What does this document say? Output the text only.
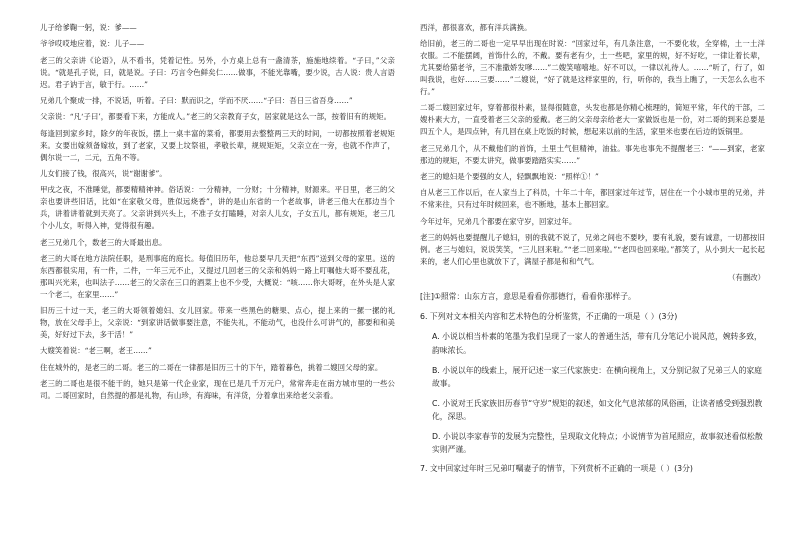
儿子给爹鞠一躬，说：爹——

爷爷哎哎地应着，说：儿子——

老三的父亲讲《论语》，从不看书，凭着记性。另外，小方桌上总有一盏清茶，施施地续着。“子曰，”父亲说。“就是孔子说，曰，就是说。子曰：巧言令色鲜矣仁……做事，不能光靠嘴，要少说，古人说：贵人言语迟。君子讷于言，敏于行。……”

兄弟几个聚成一排，不说话，听着。子曰：默而识之，学而不厌……“子曰：吾日三省吾身……”

父亲说：“凡‘子曰’，都要看下来，方能成人。”老三的父亲教育子女，居家就是这么一部，按着旧有的规矩。

每逢回到家乡时，除夕的年夜饭，摆上一桌丰富的菜肴，都要用去整整两三天的时间，一切都按照着老规矩来。女要出嫁须备嫁妆，到了老家，又要上坟祭祖，孝敬长辈，规规矩矩，父亲立在一旁，也就不作声了，偶尔说一二，二元，五角不等。

儿女们接了钱，很高兴，说“谢谢爹”。

甲戌之夜，不准睡觉，都要精精神神。俗话说：一分精神，一分财；十分精神，财源来。平日里，老三的父亲也要讲些旧话，比如“在家敬父母，胜似远烧香”，讲的是山东省的一个老故事，讲老三他大在那边当个兵，讲着讲着就到天亮了。父亲讲到兴头上，不准子女打瞌睡，对亲人儿女，子女五儿，都有规矩，老三几个小儿女，听得入神，觉得很有趣。

老三兄弟几个，数老三的大哥最出息。

老三的大哥在地方法院任职，是刑事庭的庭长。每值旧历年，他总要早几天把“东西”送到父母的家里。送的东西都很实用，有一件，二件，一年三元不止，又提过几回老三的父亲和妈妈一路上叮嘱他大哥不要乱花，那叫兴光来，也叫法子……老三的父亲在三口的酒菜上也不少受，大概说：“咳……你大哥呀，在外头是人家一个老二，在家里……”

旧历三十过一天，老三的大哥领着媳妇、女儿回家。带来一些黑色的糖果、点心，提上来的一摞一摞的礼物，放在父母手上，父亲说：“到家讲话做事要注意，不能失礼，不能动气，也没什么可讲气的，都要和和美美，好好过下去，多干活！”

大嫂笑着说：“老三啊，老王……”

住在城外的，是老三的二哥。老三的二哥在一律都是旧历三十的下午，踏着暮色，挑着二嫂回父母的家。

老三的二哥也是很不能干的，她只是第一代企业家，现在已是几千万元户，常常奔走在南方城市里的一些公司。二哥回家时，自然提的都是礼物，有山珍，有海味，有洋货，分着拿出来给老父亲看。

西洋，都很喜欢，都有洋兵满换。

给旧前，老三的二哥也一定早早出现在时说：“回家过年，有几条注意，一不要化妆，全穿棉，土一土洋衣服。二不能摆阔，首饰什么的，不戴。要有老有少，土一些吧，家里的规，好不好吃，一律让着长辈，尤其要给猫老爷，三不准撒娇发嗲……”二嫂笑嘻嘻地。好不可以，一律以礼待人。……“听了，行了，如叫我说，也好……三要……”二嫂说，“好了就是这样家里的，行，听你的，我当上瞧了，一天怎么么也不行。”

二哥二嫂回家过年，穿着都很朴素，显得很随意，头发也都是你精心梳理的，简短平常，年代的干部，二嫂朴素大方，一直受着老三父亲的爱戴。老三的父亲母亲给老大一家做饭也是一份，对二哥的到来总要是四五个人，是四点钟，有几回在桌上吃饭的时候，想起来以前的生活，家里米也要在后边的饭锅里。

老三兄弟几个，从不戴他们的首饰，土里土气但精神，油盐。事先也事先不提醒老三：“——到家，老家那边的规矩，不要太讲究，做事要踏踏实实……”

老三的媳妇是个要强的女人，轻飘飘地说：“照样①！”

自从老三工作以后，在人家当上了科员，十年二十年，都回家过年过节，居住在一个小城市里的兄弟，并不常来往，只有过年时候回来，也不断地，基本上都回家。

今年过年，兄弟几个都要在家守岁，回家过年。

老三的妈妈也要提醒儿子媳妇，别的我就不说了，兄弟之间也不要吵，要有礼貌，要有诚意，一切都按旧例。老三与媳妇，说说笑笑，“三儿回来啦。”“老二回来啦。”“老四也回来啦。”都笑了，从小到大一起长起来的，老人们心里也就放下了，满屋子都是和和气气。

（有删改）
[注]①照常：山东方言，意思是看看你那德行，看看你那样子。
6. 下列对文本相关内容和艺术特色的分析鉴赏，不正确的一项是（ ）(3分)
A. 小说以相当朴素的笔墨为我们呈现了一家人的普通生活，带有几分笔记小说风范，婉转多致，韵味浓长。
B. 小说以年的线索上，展开记述一家三代家族史：在横向视角上，又分别记叙了兄弟三人的家庭故事。
C. 小说对王氏家族旧历春节“守岁”规矩的叙述，如文化气息浓郁的风俗画，让读者感受到强烈教化，深思。
D. 小说以李家春节的发展为完整性，呈现取文化特点；小说情节为首尾照应，故事叙述看似松散实则严谨。
7. 文中回家过年时三兄弟叮嘱妻子的情节，下列赏析不正确的一项是（ ）(3分)
